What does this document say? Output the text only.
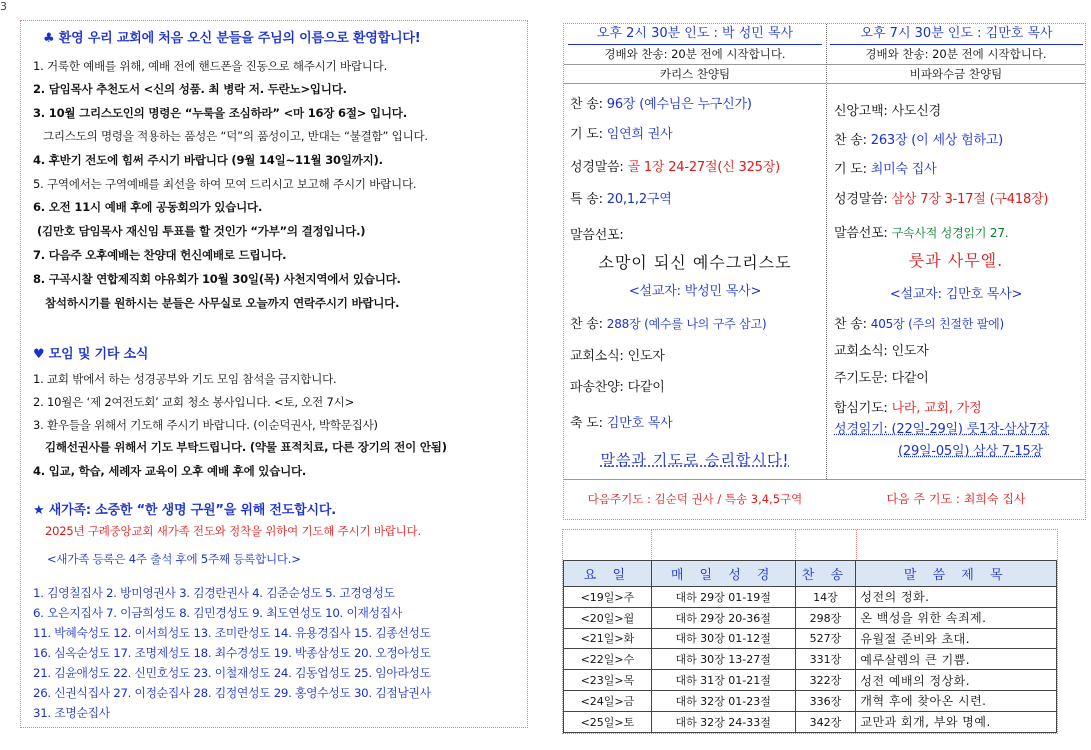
3
♣ 환영 우리 교회에 처음 오신 분들을 주님의 이름으로 환영합니다!
1. 거룩한 예배를 위해, 예배 전에 핸드폰을 진동으로 해주시기 바랍니다.
2. 담임목사 추천도서 <신의 성품. 최 병락 저. 두란노>입니다.
3. 10월 그리스도인의 명령은 “누룩을 조심하라” <마 16장 6절> 입니다.
그리스도의 명령을 적용하는 품성은 “덕”의 품성이고, 반대는 “불결함” 입니다.
4. 후반기 전도에 힘써 주시기 바랍니다 (9월 14일~11월 30일까지).
5. 구역에서는 구역예배를 최선을 하여 모여 드리시고 보고해 주시기 바랍니다.
6. 오전 11시 예배 후에 공동회의가 있습니다.
(김만호 담임목사 재신임 투표를 할 것인가 “가부”의 결정입니다.)
7. 다음주 오후예배는 찬양대 헌신예배로 드립니다.
8. 구곡시찰 연합제직회 야유회가 10월 30일(목) 사천지역에서 있습니다.
참석하시기를 원하시는 분들은 사무실로 오늘까지 연락주시기 바랍니다.
♥ 모임 및 기타 소식
1. 교회 밖에서 하는 성경공부와 기도 모임 참석을 금지합니다.
2. 10월은 ‘제 2여전도회’ 교회 청소 봉사입니다. <토, 오전 7시>
3. 환우들을 위해서 기도해 주시기 바랍니다. (이순덕권사, 박학문집사)
김해선권사를 위해서 기도 부탁드립니다. (약물 표적치료, 다른 장기의 전이 안됨)
4. 입교, 학습, 세례자 교육이 오후 예배 후에 있습니다.
★ 새가족: 소중한 “한 생명 구원”을 위해 전도합시다.
2025년 구례중앙교회 새가족 전도와 정착을 위하여 기도해 주시기 바랍니다.
<새가족 등록은 4주 출석 후에 5주째 등록합니다.>
1. 김영칠집사 2. 방미영권사 3. 김경란권사 4. 김준순성도 5. 고경영성도
6. 오은지집사 7. 이금희성도 8. 김민경성도 9. 최도연성도 10. 이재성집사
11. 박혜숙성도 12. 이서희성도 13. 조미란성도 14. 유용경집사 15. 김종선성도
16. 심옥순성도 17. 조명제성도 18. 최수경성도 19. 박종삼성도 20. 오정아성도
21. 김윤애성도 22. 신민호성도 23. 이철재성도 24. 김동업성도 25. 임아라성도
26. 신권식집사 27. 이정순집사 28. 김정연성도 29. 홍영수성도 30. 김점남권사
31. 조명순집사
오후 2시 30분 인도 : 박 성민 목사
경배와 찬송: 20분 전에 시작합니다.
카리스 찬양팀
찬 송: 96장 (예수님은 누구신가)
기 도: 임연희 권사
성경말씀: 골 1장 24-27절(신 325장)
특 송: 20,1,2구역
말씀선포:
소망이 되신 예수그리스도
<설교자: 박성민 목사>
찬 송: 288장 (예수를 나의 구주 삼고)
교회소식: 인도자
파송찬양: 다같이
축 도: 김만호 목사
말씀과 기도로 승리합시다!
다음주기도 : 김순덕 권사 / 특송 3,4,5구역
오후 7시 30분 인도 : 김만호 목사
경배와 찬송: 20분 전에 시작합니다.
비파와수금 찬양팀
신앙고백: 사도신경
찬 송: 263장 (이 세상 험하고)
기 도: 최미숙 집사
성경말씀: 삼상 7장 3-17절 (구418장)
말씀선포: 구속사적 성경읽기 27.
룻과 사무엘.
<설교자: 김만호 목사>
찬 송: 405장 (주의 친절한 팔에)
교회소식: 인도자
주기도문: 다같이
합심기도: 나라, 교회, 가정
성경읽기: (22일-29일) 룻1장-삼상7장
(29일-05일) 삼상 7-15장
다음 주 기도 : 최희숙 집사
요 일	매 일 성 경	찬 송	말 씀 제 목
<19일>주	대하 29장 01-19절	14장	성전의 정화.
<20일>월	대하 29장 20-36절	298장	온 백성을 위한 속죄제.
<21일>화	대하 30장 01-12절	527장	유월절 준비와 초대.
<22일>수	대하 30장 13-27절	331장	예루살렘의 큰 기쁨.
<23일>목	대하 31장 01-21절	322장	성전 예배의 정상화.
<24일>금	대하 32장 01-23절	336장	개혁 후에 찾아온 시련.
<25일>토	대하 32장 24-33절	342장	교만과 회개, 부와 명예.
